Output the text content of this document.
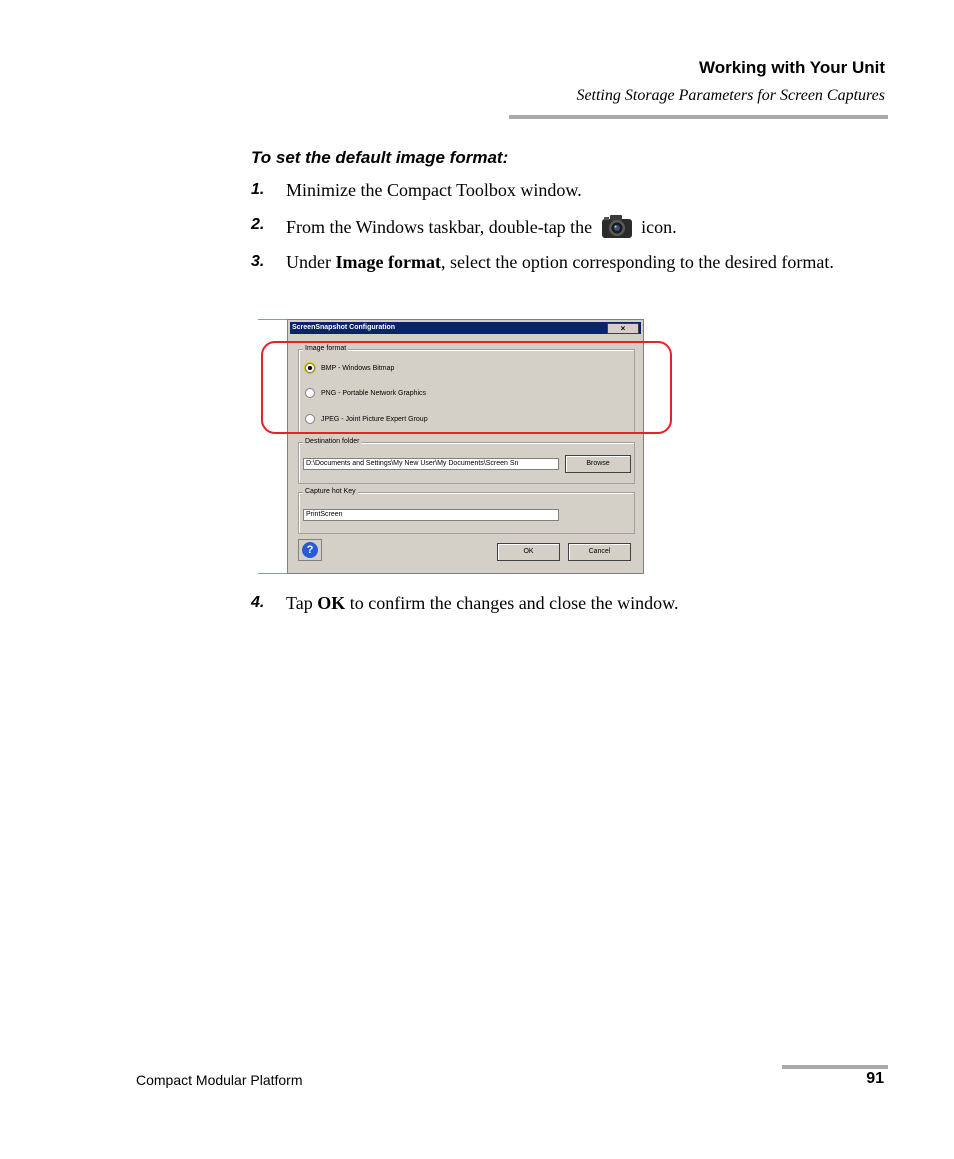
Working with Your Unit
Setting Storage Parameters for Screen Captures
To set the default image format:
1. Minimize the Compact Toolbox window.
2. From the Windows taskbar, double-tap the	icon.
3. Under Image format, select the option corresponding to the desired format.
ScreenSnapshot Configuration	×
Image format
BMP - Windows Bitmap
PNG - Portable Network Graphics
JPEG - Joint Picture Expert Group
Destination folder
D:\Documents and Settings\My New User\My Documents\Screen Sn	Browse
Capture hot Key
PrintScreen
?	OK	Cancel
4. Tap OK to confirm the changes and close the window.
Compact Modular Platform	91
